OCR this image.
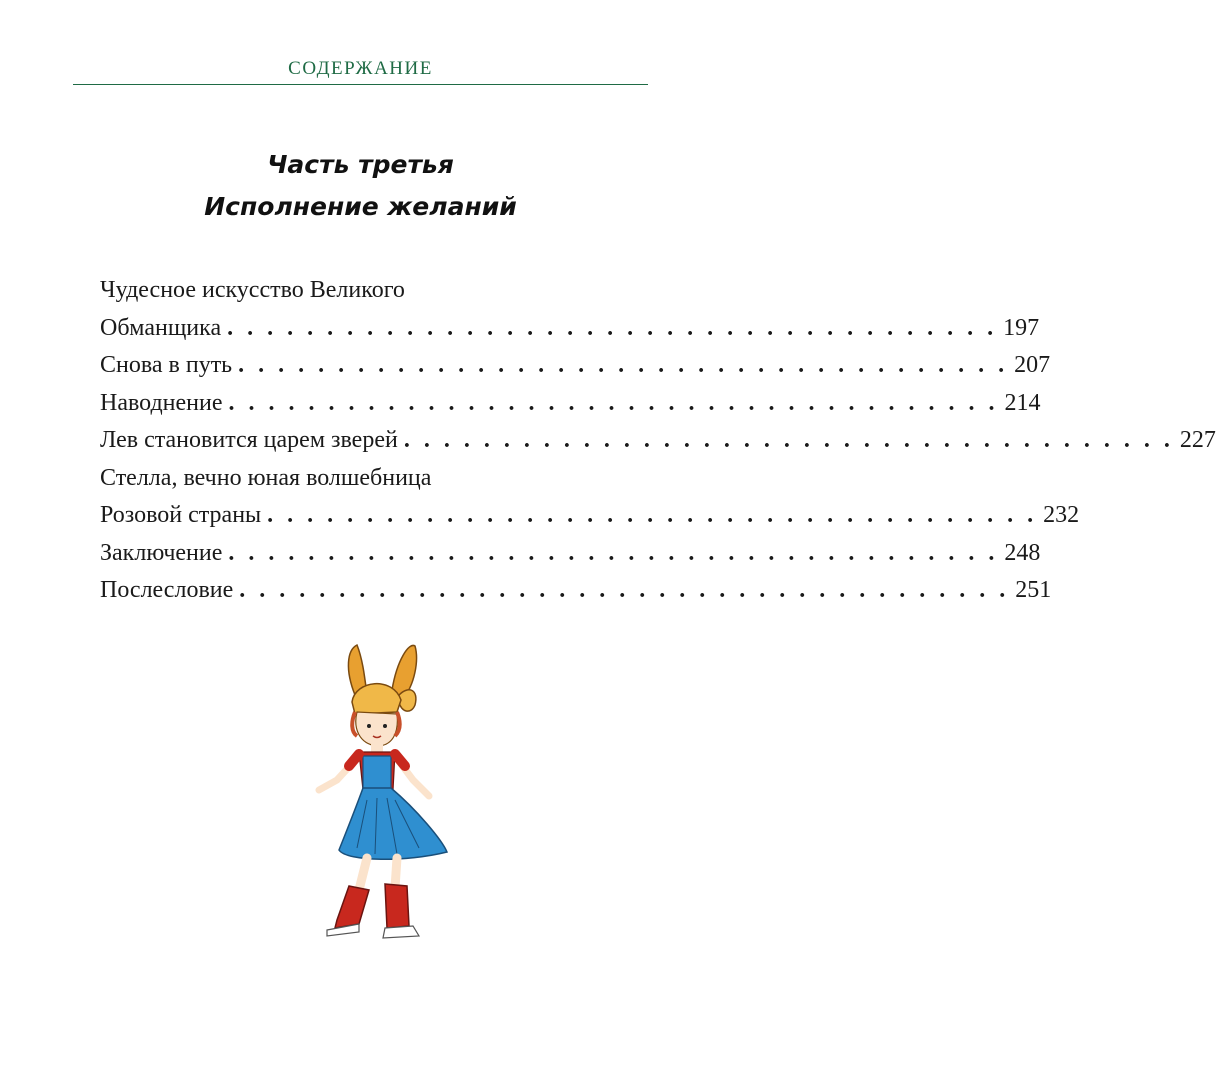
СОДЕРЖАНИЕ
Часть третья
Исполнение желаний
Чудесное искусство Великого
Обманщика . . . . . . . . . . . . . . . . . . . . . . . . . . . . . . . . . . . . . . . 197
Снова в путь . . . . . . . . . . . . . . . . . . . . . . . . . . . . . . . . . . . . . . . 207
Наводнение . . . . . . . . . . . . . . . . . . . . . . . . . . . . . . . . . . . . . . . 214
Лев становится царем зверей . . . . . . . . . . . . . . . . . . . . . . . . . . . . . . . . . . . . . . . 227
Стелла, вечно юная волшебница
Розовой страны . . . . . . . . . . . . . . . . . . . . . . . . . . . . . . . . . . . . . . . 232
Заключение . . . . . . . . . . . . . . . . . . . . . . . . . . . . . . . . . . . . . . . 248
Послесловие . . . . . . . . . . . . . . . . . . . . . . . . . . . . . . . . . . . . . . . 251
